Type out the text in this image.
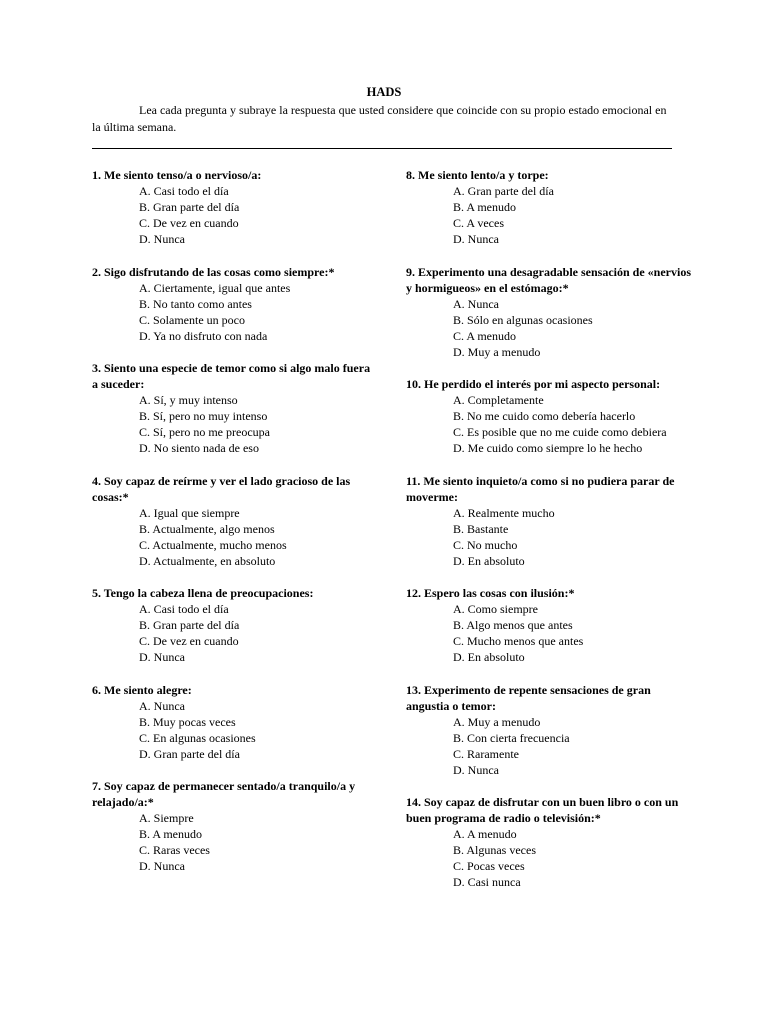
HADS
Lea cada pregunta y subraye la respuesta que usted considere que coincide con su propio estado emocional en la última semana.
1. Me siento tenso/a o nervioso/a:
A. Casi todo el día
B. Gran parte del día
C. De vez en cuando
D. Nunca
2. Sigo disfrutando de las cosas como siempre:*
A. Ciertamente, igual que antes
B. No tanto como antes
C. Solamente un poco
D. Ya no disfruto con nada
3. Siento una especie de temor como si algo malo fuera a suceder:
A. Sí, y muy intenso
B. Sí, pero no muy intenso
C. Sí, pero no me preocupa
D. No siento nada de eso
4. Soy capaz de reírme y ver el lado gracioso de las cosas:*
A. Igual que siempre
B. Actualmente, algo menos
C. Actualmente, mucho menos
D. Actualmente, en absoluto
5. Tengo la cabeza llena de preocupaciones:
A. Casi todo el día
B. Gran parte del día
C. De vez en cuando
D. Nunca
6. Me siento alegre:
A. Nunca
B. Muy pocas veces
C. En algunas ocasiones
D. Gran parte del día
7. Soy capaz de permanecer sentado/a tranquilo/a y relajado/a:*
A. Siempre
B. A menudo
C. Raras veces
D. Nunca
8. Me siento lento/a y torpe:
A. Gran parte del día
B. A menudo
C. A veces
D. Nunca
9. Experimento una desagradable sensación de «nervios y hormigueos» en el estómago:*
A. Nunca
B. Sólo en algunas ocasiones
C. A menudo
D. Muy a menudo
10. He perdido el interés por mi aspecto personal:
A. Completamente
B. No me cuido como debería hacerlo
C. Es posible que no me cuide como debiera
D. Me cuido como siempre lo he hecho
11. Me siento inquieto/a como si no pudiera parar de moverme:
A. Realmente mucho
B. Bastante
C. No mucho
D. En absoluto
12. Espero las cosas con ilusión:*
A. Como siempre
B. Algo menos que antes
C. Mucho menos que antes
D. En absoluto
13. Experimento de repente sensaciones de gran angustia o temor:
A. Muy a menudo
B. Con cierta frecuencia
C. Raramente
D. Nunca
14. Soy capaz de disfrutar con un buen libro o con un buen programa de radio o televisión:*
A. A menudo
B. Algunas veces
C. Pocas veces
D. Casi nunca
